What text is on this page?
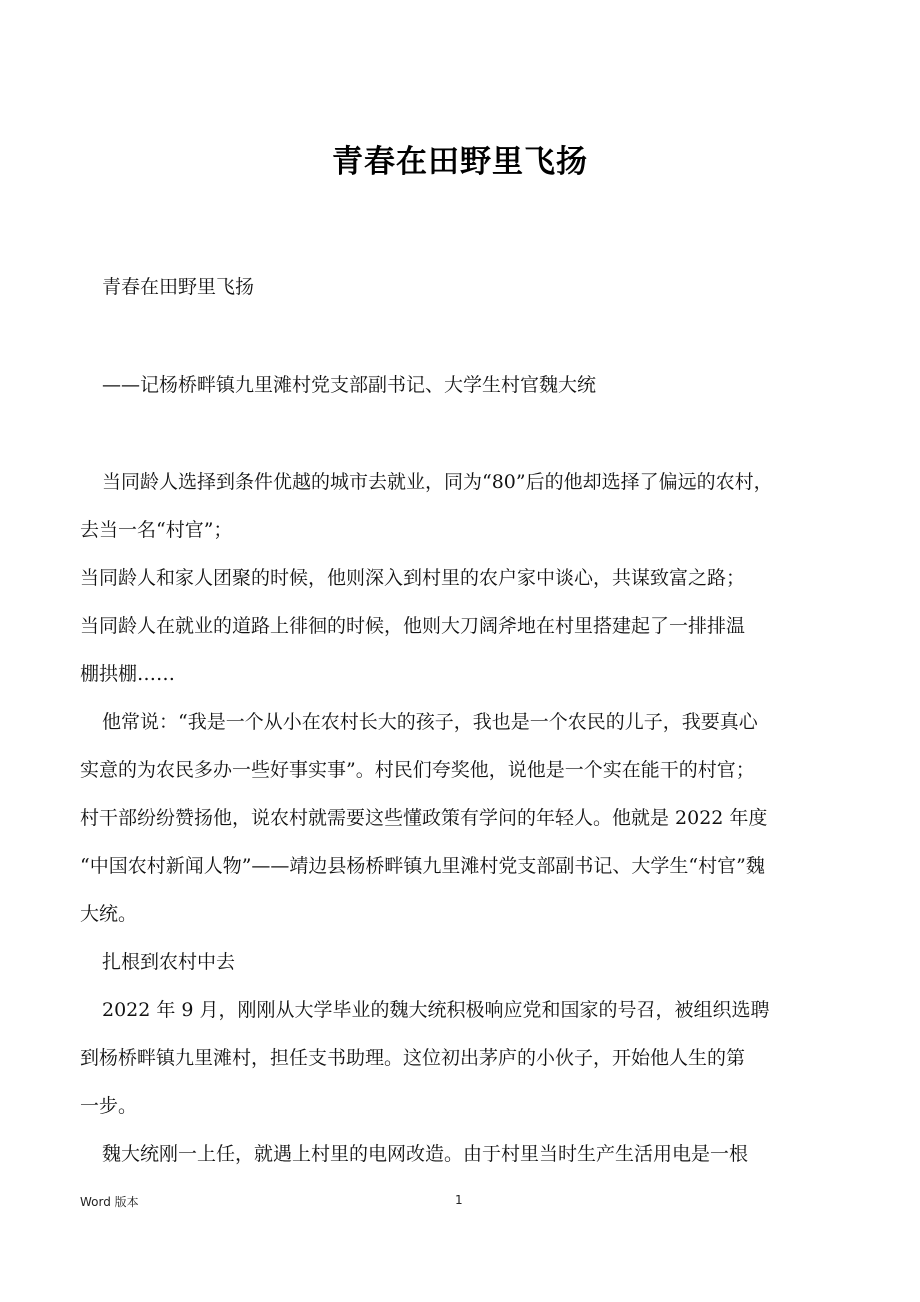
青春在田野里飞扬
青春在田野里飞扬
——记杨桥畔镇九里滩村党支部副书记、大学生村官魏大统
当同龄人选择到条件优越的城市去就业，同为“80”后的他却选择了偏远的农村，
去当一名“村官”；
当同龄人和家人团聚的时候，他则深入到村里的农户家中谈心，共谋致富之路；
当同龄人在就业的道路上徘徊的时候，他则大刀阔斧地在村里搭建起了一排排温
棚拱棚……
他常说：“我是一个从小在农村长大的孩子，我也是一个农民的儿子，我要真心
实意的为农民多办一些好事实事”。村民们夸奖他，说他是一个实在能干的村官；
村干部纷纷赞扬他，说农村就需要这些懂政策有学问的年轻人。他就是 2022 年度
“中国农村新闻人物”——靖边县杨桥畔镇九里滩村党支部副书记、大学生“村官”魏
大统。
扎根到农村中去
2022 年 9 月，刚刚从大学毕业的魏大统积极响应党和国家的号召，被组织选聘
到杨桥畔镇九里滩村，担任支书助理。这位初出茅庐的小伙子，开始他人生的第
一步。
魏大统刚一上任，就遇上村里的电网改造。由于村里当时生产生活用电是一根
Word 版本	1
